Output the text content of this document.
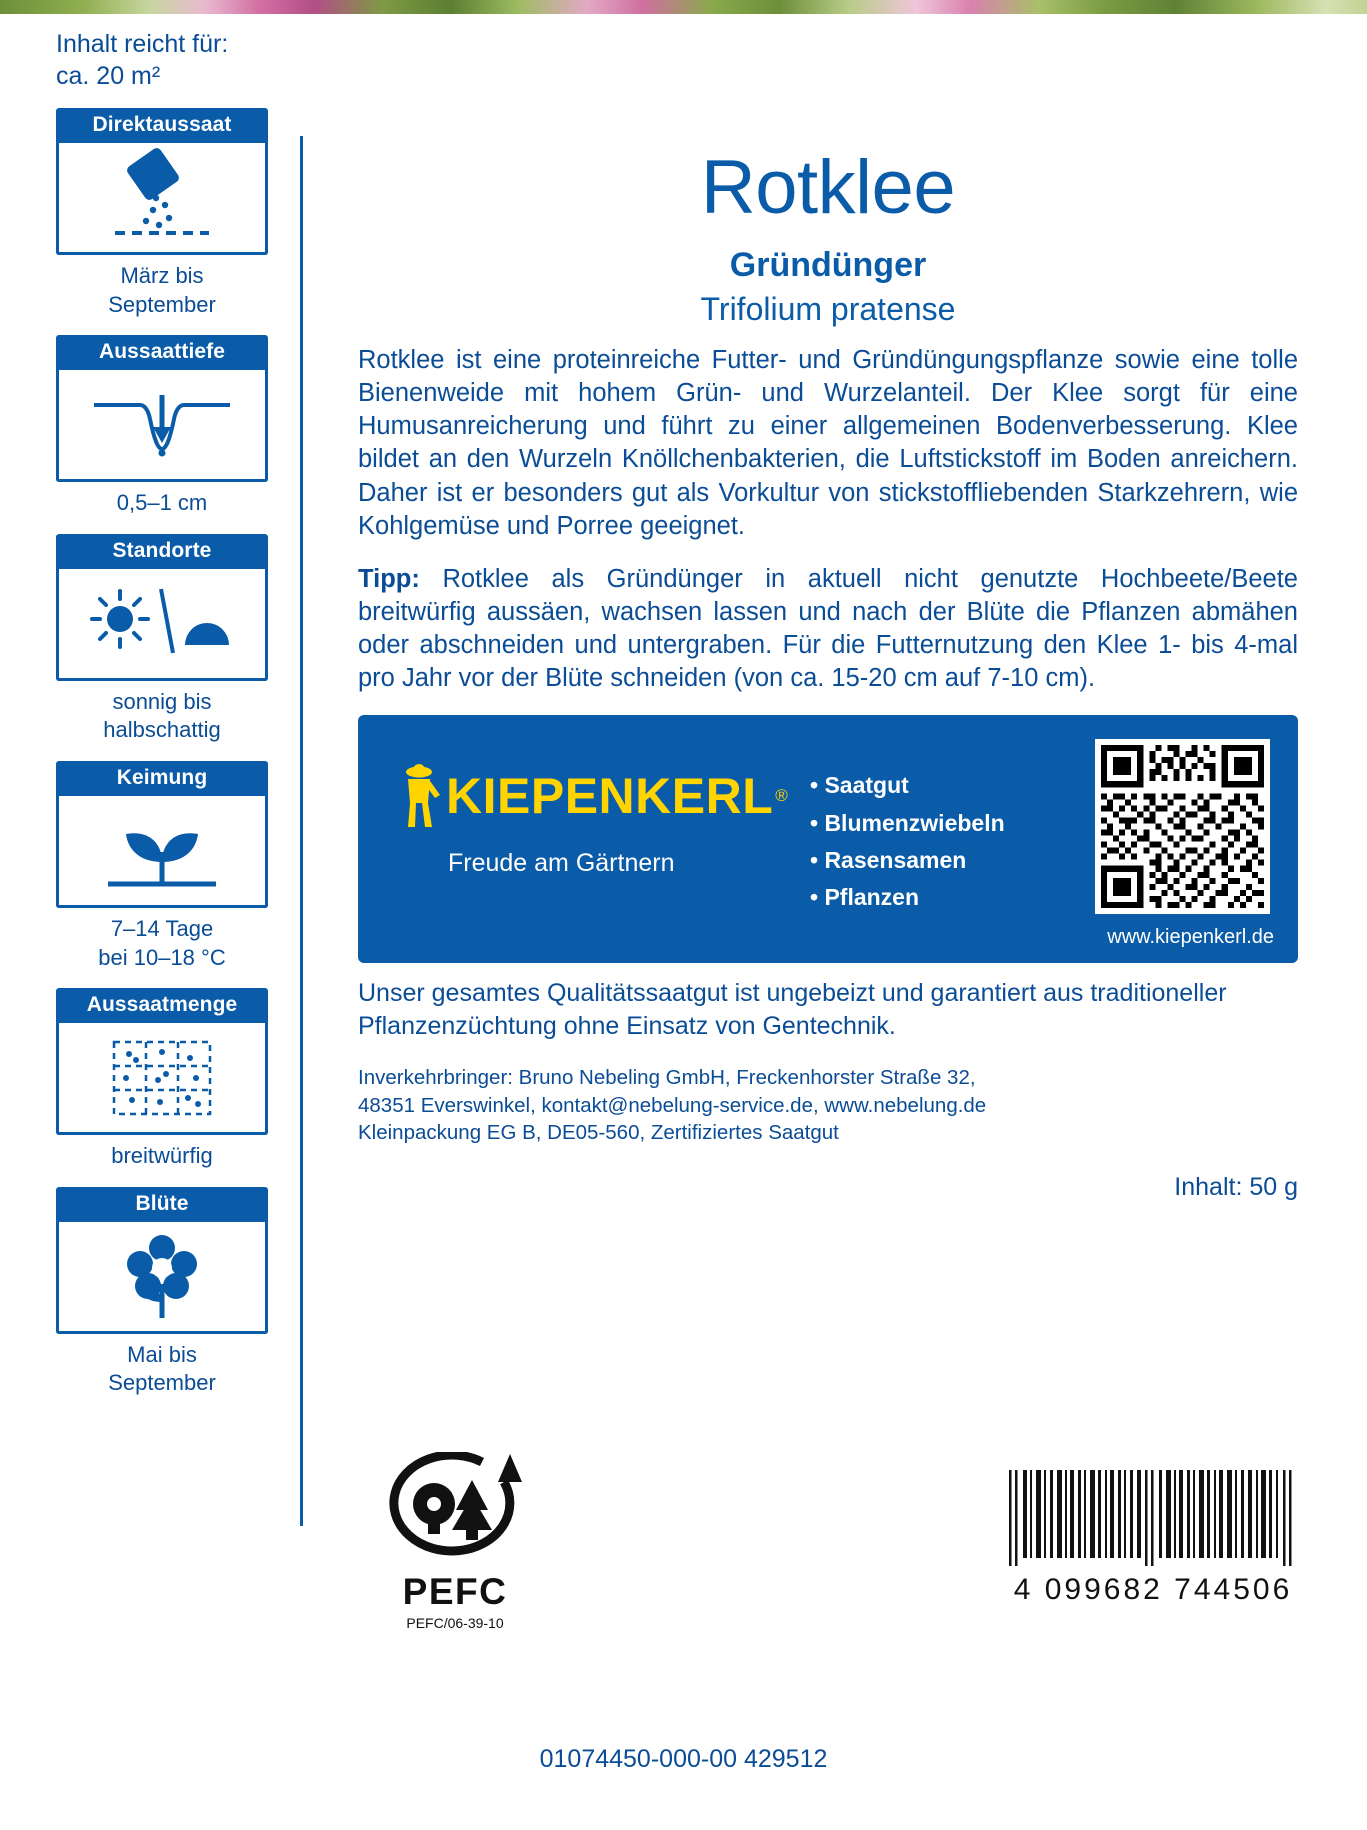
Inhalt reicht für:
ca. 20 m²
Direktaussaat
März bis
September
Aussaattiefe
0,5–1 cm
Standorte
sonnig bis
halbschattig
Keimung
7–14 Tage
bei 10–18 °C
Aussaatmenge
breitwürfig
Blüte
Mai bis
September
Rotklee
Gründünger
Trifolium pratense

Rotklee ist eine proteinreiche Futter- und Gründüngungspflanze sowie eine tolle Bienenweide mit hohem Grün- und Wurzelanteil. Der Klee sorgt für eine Humusanreicherung und führt zu einer allgemeinen Bodenverbesserung. Klee bildet an den Wurzeln Knöllchenbakterien, die Luftstickstoff im Boden anreichern. Daher ist er besonders gut als Vorkultur von stickstoffliebenden Starkzehrern, wie Kohlgemüse und Porree geeignet.

Tipp: Rotklee als Gründünger in aktuell nicht genutzte Hochbeete/Beete breitwürfig aussäen, wachsen lassen und nach der Blüte die Pflanzen abmähen oder abschneiden und untergraben. Für die Futternutzung den Klee 1- bis 4-mal pro Jahr vor der Blüte schneiden (von ca. 15-20 cm auf 7-10 cm).

KIEPENKERL ®
Freude am Gärtnern
• Saatgut
• Blumenzwiebeln
• Rasensamen
• Pflanzen
www.kiepenkerl.de

Unser gesamtes Qualitätssaatgut ist ungebeizt und garantiert aus traditioneller Pflanzenzüchtung ohne Einsatz von Gentechnik.

Inverkehrbringer: Bruno Nebeling GmbH, Freckenhorster Straße 32,
48351 Everswinkel, kontakt@nebelung-service.de, www.nebelung.de
Kleinpackung EG B, DE05-560, Zertifiziertes Saatgut

Inhalt: 50 g
PEFC
PEFC/06-39-10
4 099682 744506
01074450-000-00 429512
